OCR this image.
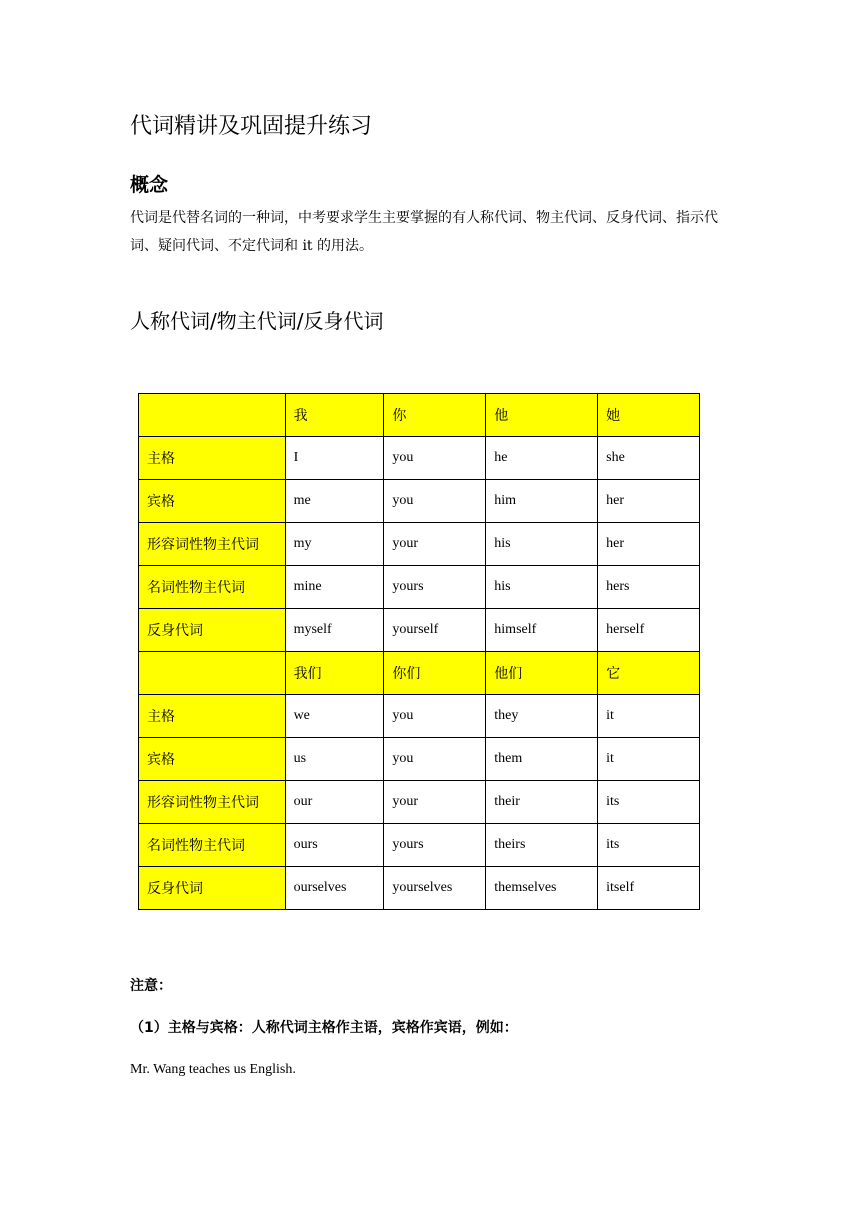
代词精讲及巩固提升练习
概念

代词是代替名词的一种词，中考要求学生主要掌握的有人称代词、物主代词、反身代词、指示代词、疑问代词、不定代词和 it 的用法。

人称代词/物主代词/反身代词
	我	你	他	她
主格	I	you	he	she
宾格	me	you	him	her
形容词性物主代词	my	your	his	her
名词性物主代词	mine	yours	his	hers
反身代词	myself	yourself	himself	herself
	我们	你们	他们	它
主格	we	you	they	it
宾格	us	you	them	it
形容词性物主代词	our	your	their	its
名词性物主代词	ours	yours	theirs	its
反身代词	ourselves	yourselves	themselves	itself

注意：

（1）主格与宾格：人称代词主格作主语，宾格作宾语，例如：

Mr. Wang teaches us English.
